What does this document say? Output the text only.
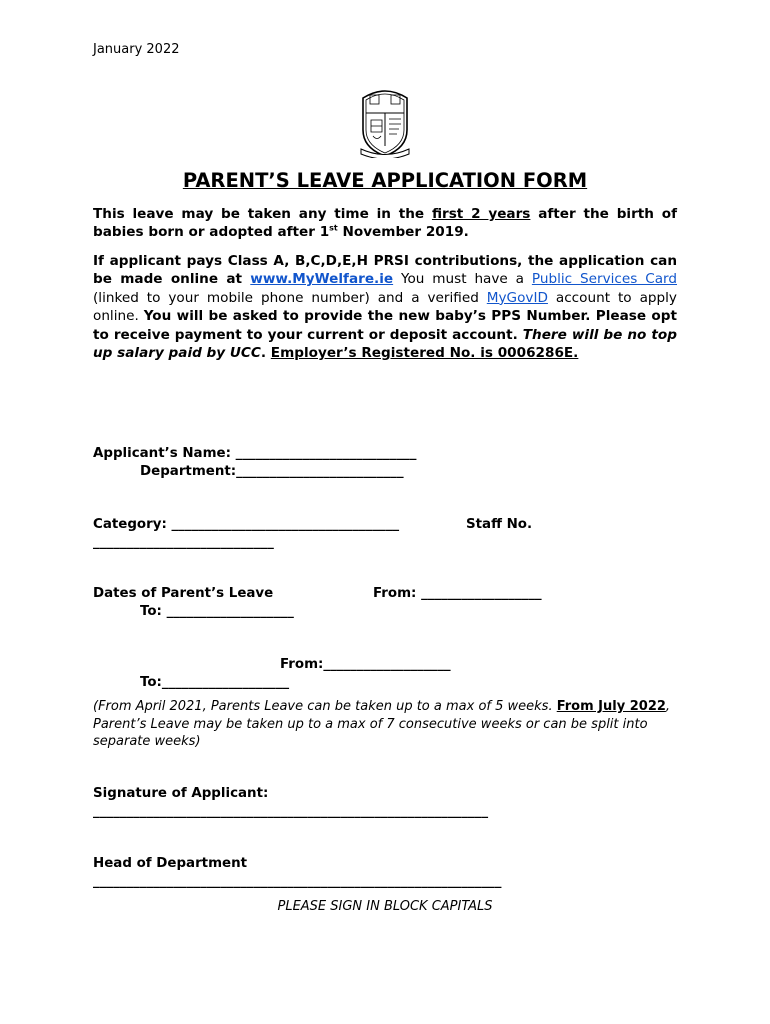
January 2022
PARENT’S LEAVE APPLICATION FORM
This leave may be taken any time in the first 2 years after the birth of babies born or adopted after 1st November 2019.
If applicant pays Class A, B,C,D,E,H PRSI contributions, the application can be made online at www.MyWelfare.ie You must have a Public Services Card (linked to your mobile phone number) and a verified MyGovID account to apply online. You will be asked to provide the new baby’s PPS Number. Please opt to receive payment to your current or deposit account. There will be no top up salary paid by UCC. Employer’s Registered No. is 0006286E.
Applicant’s Name: ___________________________
Department:_________________________
Category: __________________________________	Staff No.
___________________________
Dates of Parent’s Leave	From: __________________
To: ___________________
From:___________________
To:___________________
(From April 2021, Parents Leave can be taken up to a max of 5 weeks. From July 2022, Parent’s Leave may be taken up to a max of 7 consecutive weeks or can be split into separate weeks)
Signature of Applicant:
___________________________________________________________
Head of Department
_____________________________________________________________
PLEASE SIGN IN BLOCK CAPITALS
